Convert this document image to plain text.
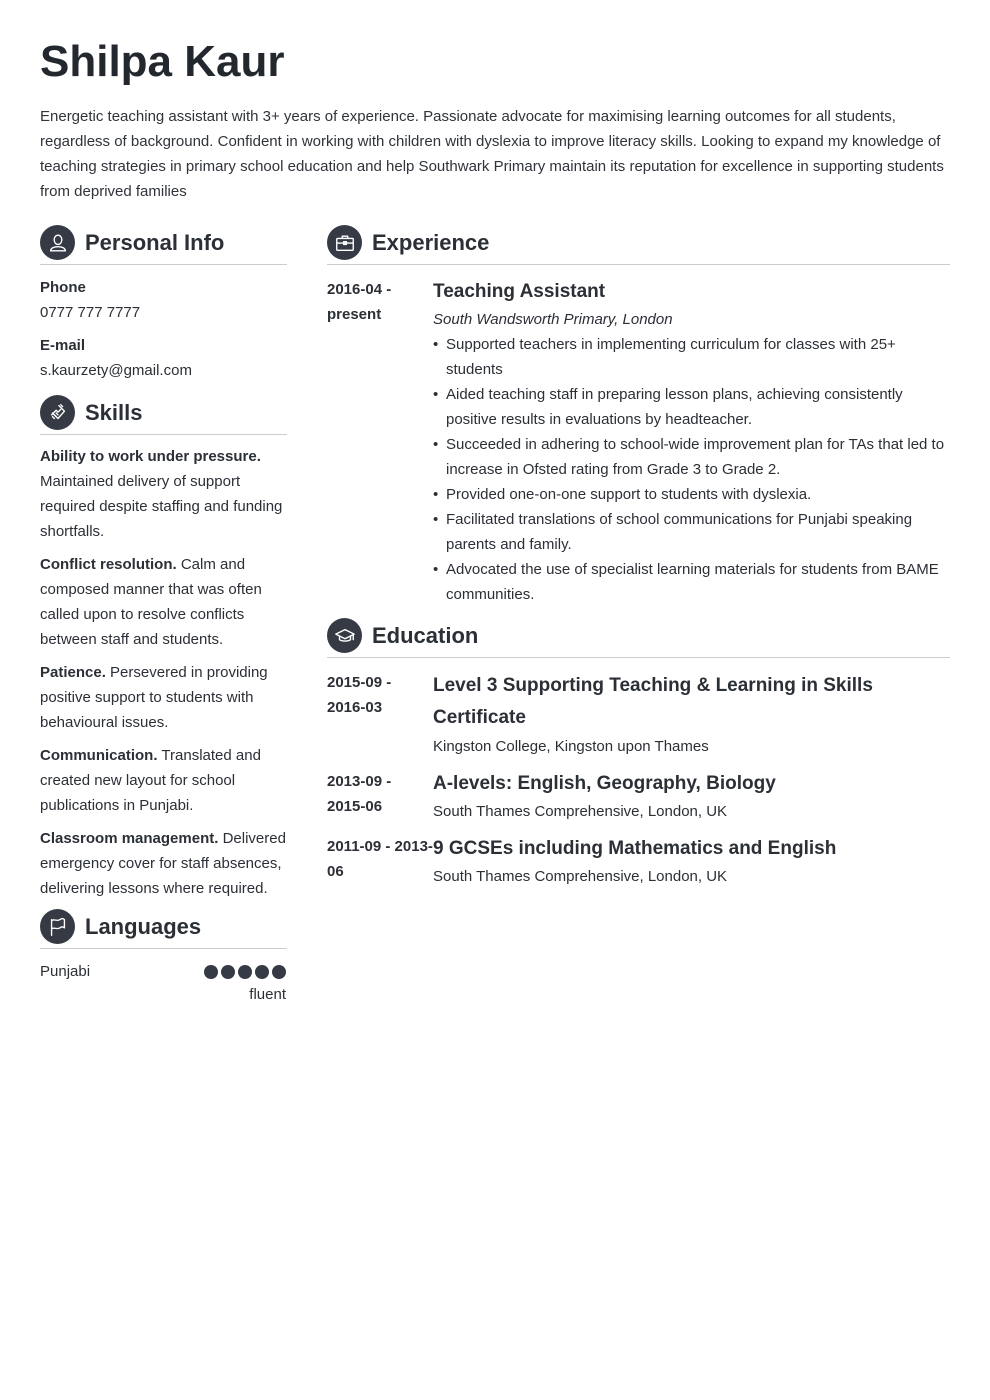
Shilpa Kaur

Energetic teaching assistant with 3+ years of experience. Passionate advocate for maximising learning outcomes for all students, regardless of background. Confident in working with children with dyslexia to improve literacy skills. Looking to expand my knowledge of teaching strategies in primary school education and help Southwark Primary maintain its reputation for excellence in supporting students from deprived families

Personal Info
Phone
0777 777 7777
E-mail
s.kaurzety@gmail.com
Skills

Ability to work under pressure. Maintained delivery of support required despite staffing and funding shortfalls.

Conflict resolution. Calm and composed manner that was often called upon to resolve conflicts between staff and students.

Patience. Persevered in providing positive support to students with behavioural issues.

Communication. Translated and created new layout for school publications in Punjabi.

Classroom management. Delivered emergency cover for staff absences, delivering lessons where required.

Languages
Punjabi
fluent
Experience
2016-04 - present
Teaching Assistant
South Wandsworth Primary, London
• Supported teachers in implementing curriculum for classes with 25+ students
• Aided teaching staff in preparing lesson plans, achieving consistently positive results in evaluations by headteacher.
• Succeeded in adhering to school-wide improvement plan for TAs that led to increase in Ofsted rating from Grade 3 to Grade 2.
• Provided one-on-one support to students with dyslexia.
• Facilitated translations of school communications for Punjabi speaking parents and family.
• Advocated the use of specialist learning materials for students from BAME communities.
Education
2015-09 - 2016-03
Level 3 Supporting Teaching & Learning in Skills Certificate
Kingston College, Kingston upon Thames
2013-09 - 2015-06
A-levels: English, Geography, Biology
South Thames Comprehensive, London, UK
2011-09 - 2013-06
9 GCSEs including Mathematics and English
South Thames Comprehensive, London, UK
